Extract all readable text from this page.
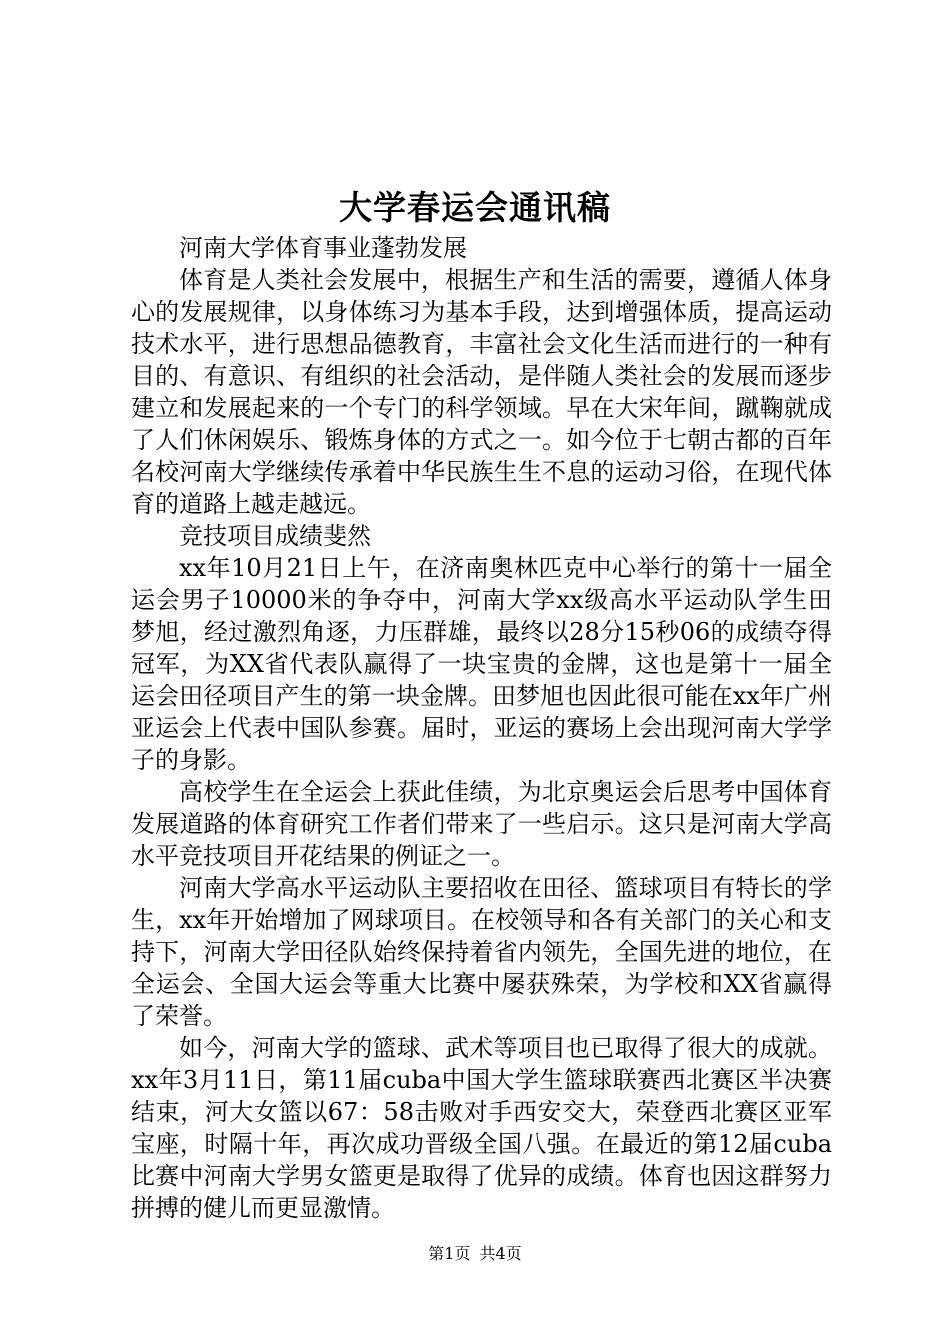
大学春运会通讯稿

河南大学体育事业蓬勃发展

体育是人类社会发展中，根据生产和生活的需要，遵循人体身心的发展规律，以身体练习为基本手段，达到增强体质，提高运动技术水平，进行思想品德教育，丰富社会文化生活而进行的一种有目的、有意识、有组织的社会活动，是伴随人类社会的发展而逐步建立和发展起来的一个专门的科学领域。早在大宋年间，蹴鞠就成了人们休闲娱乐、锻炼身体的方式之一。如今位于七朝古都的百年名校河南大学继续传承着中华民族生生不息的运动习俗，在现代体育的道路上越走越远。

竞技项目成绩斐然

xx年10月21日上午，在济南奥林匹克中心举行的第十一届全运会男子10000米的争夺中，河南大学xx级高水平运动队学生田梦旭，经过激烈角逐，力压群雄，最终以28分15秒06的成绩夺得冠军，为XX省代表队赢得了一块宝贵的金牌，这也是第十一届全运会田径项目产生的第一块金牌。田梦旭也因此很可能在xx年广州亚运会上代表中国队参赛。届时，亚运的赛场上会出现河南大学学子的身影。

高校学生在全运会上获此佳绩，为北京奥运会后思考中国体育发展道路的体育研究工作者们带来了一些启示。这只是河南大学高水平竞技项目开花结果的例证之一。

河南大学高水平运动队主要招收在田径、篮球项目有特长的学生，xx年开始增加了网球项目。在校领导和各有关部门的关心和支持下，河南大学田径队始终保持着省内领先，全国先进的地位，在全运会、全国大运会等重大比赛中屡获殊荣，为学校和XX省赢得了荣誉。

如今，河南大学的篮球、武术等项目也已取得了很大的成就。xx年3月11日，第11届cuba中国大学生篮球联赛西北赛区半决赛结束，河大女篮以67：58击败对手西安交大，荣登西北赛区亚军宝座，时隔十年，再次成功晋级全国八强。在最近的第12届cuba比赛中河南大学男女篮更是取得了优异的成绩。体育也因这群努力拼搏的健儿而更显激情。

第1页 共4页
